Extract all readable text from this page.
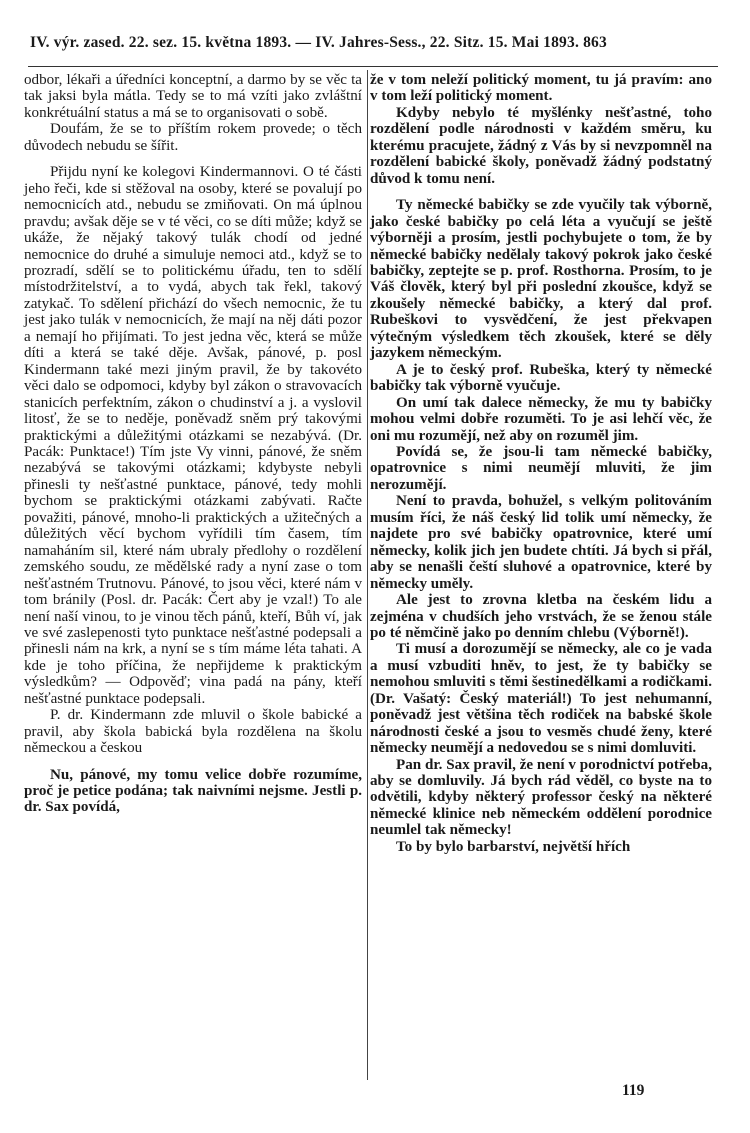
IV. výr. zased. 22. sez. 15. května 1893. — IV. Jahres-Sess., 22. Sitz. 15. Mai 1893. 863

odbor, lékaři a úředníci konceptní, a darmo by se věc ta tak jaksi byla mátla. Tedy se to má vzíti jako zvláštní konkrétuální status a má se to organisovati o sobě.

Doufám, že se to příštím rokem provede; o těch důvodech nebudu se šířit.

Přijdu nyní ke kolegovi Kindermannovi. O té části jeho řeči, kde si stěžoval na osoby, které se povalují po nemocnicích atd., nebudu se zmiňovati. On má úplnou pravdu; avšak děje se v té věci, co se díti může; když se ukáže, že nějaký takový tulák chodí od jedné nemocnice do druhé a simuluje nemoci atd., když se to prozradí, sdělí se to politickému úřadu, ten to sdělí místodržitelství, a to vydá, abych tak řekl, takový zatykač. To sdělení přichází do všech nemocnic, že tu jest jako tulák v nemocnicích, že mají na něj dáti pozor a nemají ho přijímati. To jest jedna věc, která se může díti a která se také děje. Avšak, pánové, p. posl Kindermann také mezi jiným pravil, že by takovéto věci dalo se odpomoci, kdyby byl zákon o stravovacích stanicích perfektním, zákon o chudinství a j. a vyslovil litosť, že se to neděje, poněvadž sněm prý takovými praktickými a důležitými otázkami se nezabývá. (Dr. Pacák: Punktace!) Tím jste Vy vinni, pánové, že sněm nezabývá se takovými otázkami; kdybyste nebyli přinesli ty nešťastné punktace, pánové, tedy mohli bychom se praktickými otázkami zabývati. Račte považiti, pánové, mnoho-li praktických a užitečných a důležitých věcí bychom vyřídili tím časem, tím namaháním sil, které nám ubraly předlohy o rozdělení zemského soudu, ze mědělské rady a nyní zase o tom nešťastném Trutnovu. Pánové, to jsou věci, které nám v tom bránily (Posl. dr. Pacák: Čert aby je vzal!) To ale není naší vinou, to je vinou těch pánů, kteří, Bůh ví, jak ve své zaslepenosti tyto punktace nešťastné podepsali a přinesli nám na krk, a nyní se s tím máme léta tahati. A kde je toho příčina, že nepřijdeme k praktickým výsledkům? — Odpověď; vina padá na pány, kteří nešťastné punktace podepsali.

P. dr. Kindermann zde mluvil o škole babické a pravil, aby škola babická byla rozdělena na školu německou a českou

Nu, pánové, my tomu velice dobře rozumíme, proč je petice podána; tak naivními nejsme. Jestli p. dr. Sax povídá,

že v tom neleží politický moment, tu já pravím: ano v tom leží politický moment.

Kdyby nebylo té myšlénky nešťastné, toho rozdělení podle národnosti v každém směru, ku kterému pracujete, žádný z Vás by si nevzpomněl na rozdělení babické školy, poněvadž žádný podstatný důvod k tomu není.

Ty německé babičky se zde vyučily tak výborně, jako české babičky po celá léta a vyučují se ještě výborněji a prosím, jestli pochybujete o tom, že by německé babičky nedělaly takový pokrok jako české babičky, zeptejte se p. prof. Rosthorna. Prosím, to je Váš člověk, který byl při poslední zkoušce, když se zkoušely německé babičky, a který dal prof. Rubeškovi to vysvědčení, že jest překvapen výtečným výsledkem těch zkoušek, které se děly jazykem německým.

A je to český prof. Rubeška, který ty německé babičky tak výborně vyučuje.

On umí tak dalece německy, že mu ty babičky mohou velmi dobře rozuměti. To je asi lehčí věc, že oni mu rozumějí, než aby on rozuměl jim.

Povídá se, že jsou-li tam německé babičky, opatrovnice s nimi neumějí mluviti, že jim nerozumějí.

Není to pravda, bohužel, s velkým politováním musím říci, že náš český lid tolik umí německy, že najdete pro své babičky opatrovnice, které umí německy, kolik jich jen budete chtíti. Já bych si přál, aby se nenašli čeští sluhové a opatrovnice, které by německy uměly.

Ale jest to zrovna kletba na českém lidu a zejména v chudších jeho vrstvách, že se ženou stále po té němčině jako po denním chlebu (Výborně!).

Ti musí a dorozumějí se německy, ale co je vada a musí vzbuditi hněv, to jest, že ty babičky se nemohou smluviti s těmi šestinedělkami a rodičkami. (Dr. Vašatý: Český materiál!) To jest nehumanní, poněvadž jest většina těch rodiček na babské škole národnosti české a jsou to vesměs chudé ženy, které německy neumějí a nedovedou se s nimi domluviti.

Pan dr. Sax pravil, že není v porodnictví potřeba, aby se domluvily. Já bych rád věděl, co byste na to odvětili, kdyby některý professor český na některé německé klinice neb německém oddělení porodnice neumlel tak německy!

To by bylo barbarství, největší hřích

119
